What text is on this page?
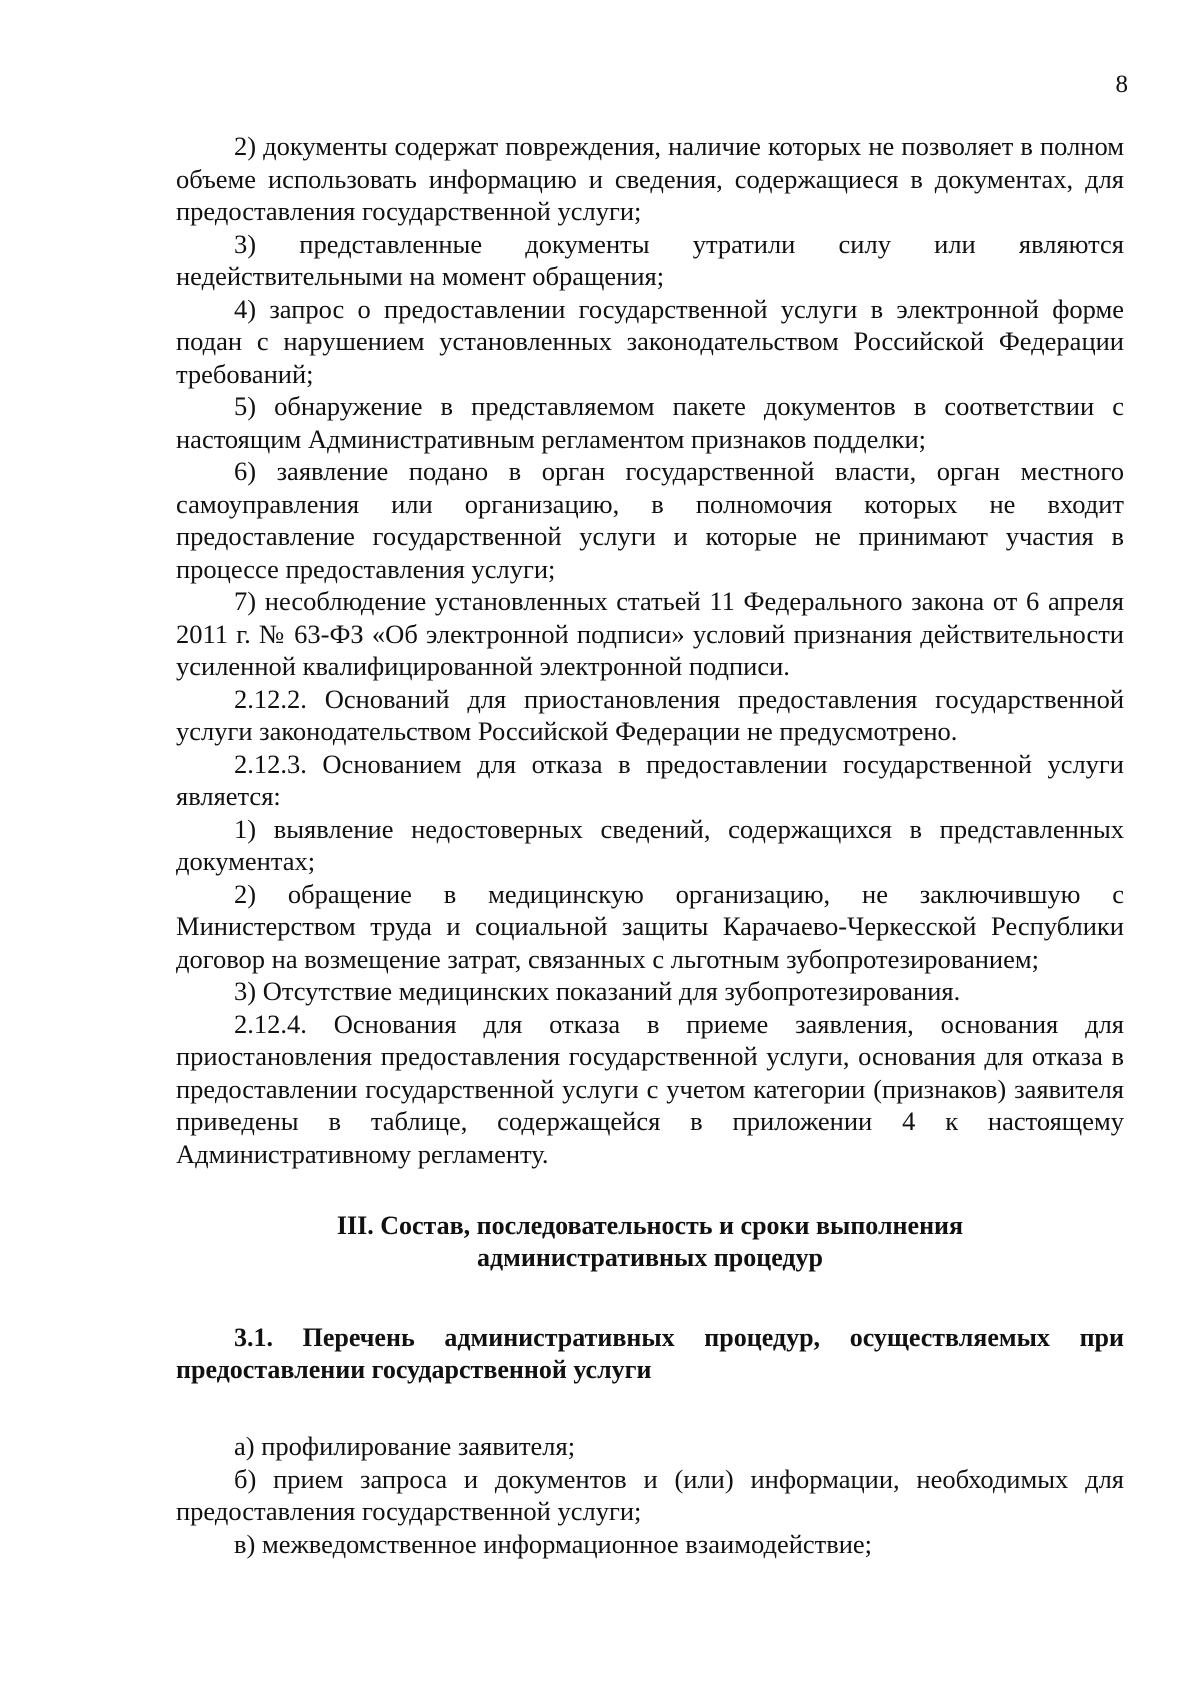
8

2) документы содержат повреждения, наличие которых не позволяет в полном объеме использовать информацию и сведения, содержащиеся в документах, для предоставления государственной услуги;

3) представленные документы утратили силу или являются недействительными на момент обращения;

4) запрос о предоставлении государственной услуги в электронной форме подан с нарушением установленных законодательством Российской Федерации требований;

5) обнаружение в представляемом пакете документов в соответствии с настоящим Административным регламентом признаков подделки;

6) заявление подано в орган государственной власти, орган местного самоуправления или организацию, в полномочия которых не входит предоставление государственной услуги и которые не принимают участия в процессе предоставления услуги;

7) несоблюдение установленных статьей 11 Федерального закона от 6 апреля 2011 г. № 63-ФЗ «Об электронной подписи» условий признания действительности усиленной квалифицированной электронной подписи.

2.12.2. Оснований для приостановления предоставления государственной услуги законодательством Российской Федерации не предусмотрено.

2.12.3. Основанием для отказа в предоставлении государственной услуги является:

1) выявление недостоверных сведений, содержащихся в представленных документах;

2) обращение в медицинскую организацию, не заключившую с Министерством труда и социальной защиты Карачаево-Черкесской Республики договор на возмещение затрат, связанных с льготным зубопротезированием;

3) Отсутствие медицинских показаний для зубопротезирования.

2.12.4. Основания для отказа в приеме заявления, основания для приостановления предоставления государственной услуги, основания для отказа в предоставлении государственной услуги с учетом категории (признаков) заявителя приведены в таблице, содержащейся в приложении 4 к настоящему Административному регламенту.

III. Состав, последовательность и сроки выполнения

административных процедур

3.1. Перечень административных процедур, осуществляемых при предоставлении государственной услуги

а) профилирование заявителя;

б) прием запроса и документов и (или) информации, необходимых для предоставления государственной услуги;

в) межведомственное информационное взаимодействие;
